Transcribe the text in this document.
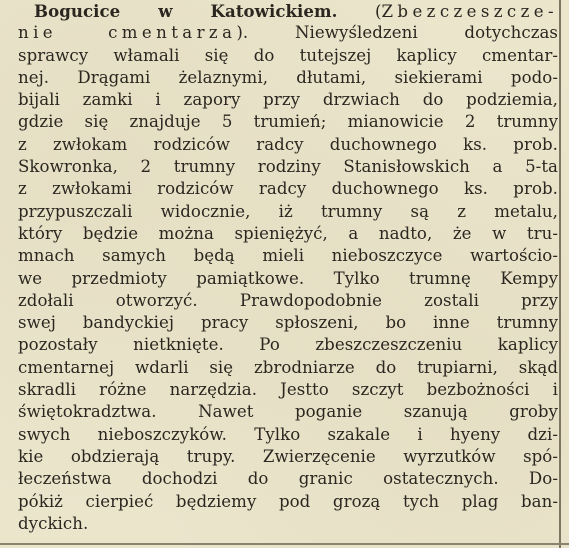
Bogucice w Katowickiem. (Zbezczeszcze-
nie cmentarza).	Niewyśledzeni dotychczas
sprawcy włamali się do tutejszej kaplicy cmentar-
nej. Drągami żelaznymi, dłutami, siekierami podo-
bijali zamki i zapory przy drzwiach do podziemia,
gdzie się znajduje 5 trumień; mianowicie 2 trumny
z zwłokam rodziców radcy duchownego ks. prob.
Skowronka, 2 trumny rodziny Stanisłowskich a 5-ta
z zwłokami rodziców radcy duchownego ks. prob.
przypuszczali widocznie, iż trumny są z metalu,
który będzie można spieniężyć, a nadto, że w tru-
mnach samych będą mieli nieboszczyce wartościo-
we przedmioty pamiątkowe. Tylko trumnę Kempy
zdołali otworzyć. Prawdopodobnie zostali przy
swej bandyckiej pracy spłoszeni, bo inne trumny
pozostały nietknięte. Po zbeszczeszczeniu kaplicy
cmentarnej wdarli się zbrodniarze do trupiarni, skąd
skradli różne narzędzia. Jestto szczyt bezbożności i
świętokradztwa. Nawet poganie szanują groby
swych nieboszczyków. Tylko szakale i hyeny dzi-
kie obdzierają trupy. Zwierzęcenie wyrzutków spó-
łeczeństwa dochodzi do granic ostatecznych. Do-
pókiż cierpieć będziemy pod grozą tych plag ban-
dyckich.
